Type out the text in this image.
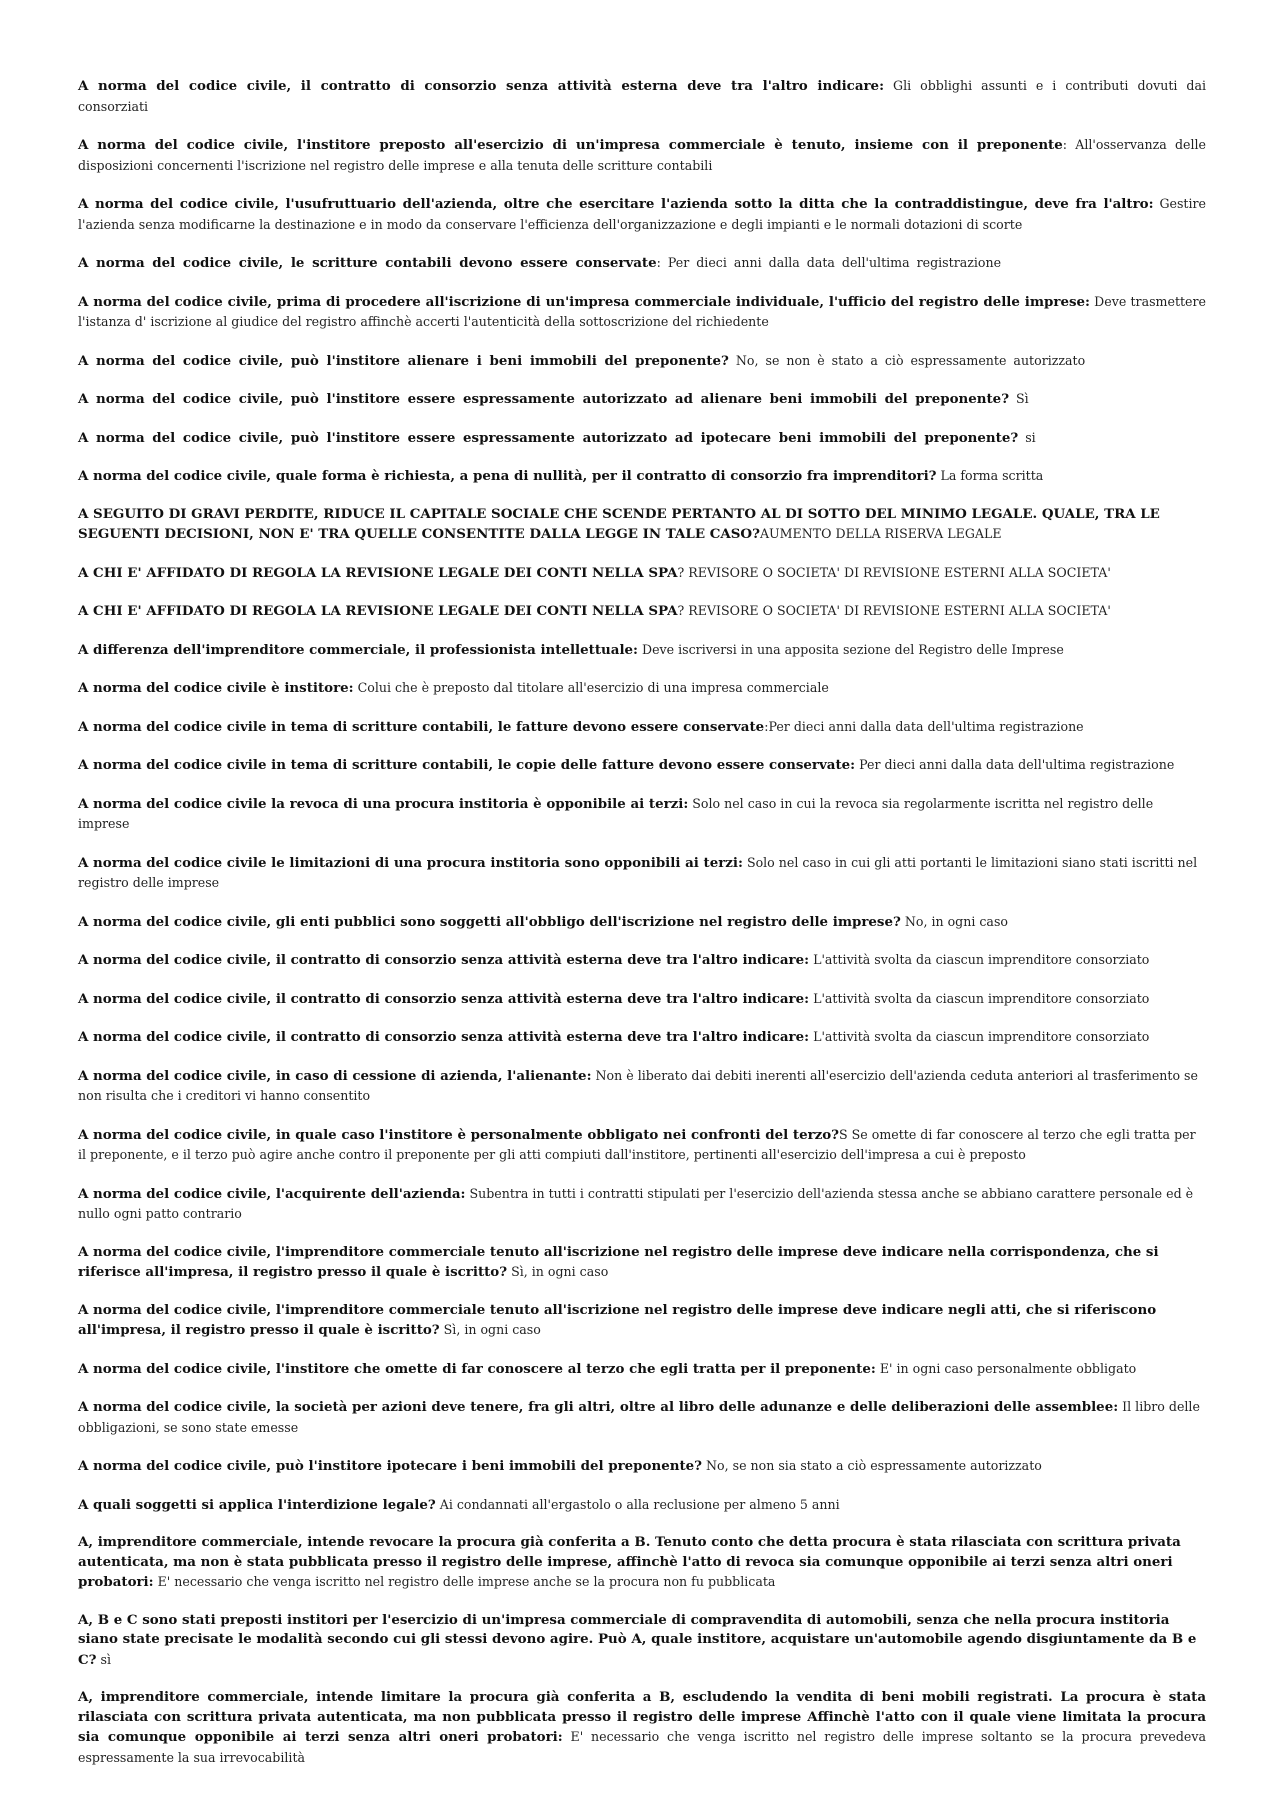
A norma del codice civile, il contratto di consorzio senza attività esterna deve tra l'altro indicare: Gli obblighi assunti e i contributi dovuti dai consorziati

A norma del codice civile, l'institore preposto all'esercizio di un'impresa commerciale è tenuto, insieme con il preponente: All'osservanza delle disposizioni concernenti l'iscrizione nel registro delle imprese e alla tenuta delle scritture contabili

A norma del codice civile, l'usufruttuario dell'azienda, oltre che esercitare l'azienda sotto la ditta che la contraddistingue, deve fra l'altro: Gestire l'azienda senza modificarne la destinazione e in modo da conservare l'efficienza dell'organizzazione e degli impianti e le normali dotazioni di scorte

A norma del codice civile, le scritture contabili devono essere conservate: Per dieci anni dalla data dell'ultima registrazione

A norma del codice civile, prima di procedere all'iscrizione di un'impresa commerciale individuale, l'ufficio del registro delle imprese: Deve trasmettere l'istanza d' iscrizione al giudice del registro affinchè accerti l'autenticità della sottoscrizione del richiedente

A norma del codice civile, può l'institore alienare i beni immobili del preponente? No, se non è stato a ciò espressamente autorizzato

A norma del codice civile, può l'institore essere espressamente autorizzato ad alienare beni immobili del preponente? Sì

A norma del codice civile, può l'institore essere espressamente autorizzato ad ipotecare beni immobili del preponente? si

A norma del codice civile, quale forma è richiesta, a pena di nullità, per il contratto di consorzio fra imprenditori? La forma scritta

A SEGUITO DI GRAVI PERDITE, RIDUCE IL CAPITALE SOCIALE CHE SCENDE PERTANTO AL DI SOTTO DEL MINIMO LEGALE. QUALE, TRA LE SEGUENTI DECISIONI, NON E' TRA QUELLE CONSENTITE DALLA LEGGE IN TALE CASO?AUMENTO DELLA RISERVA LEGALE

A CHI E' AFFIDATO DI REGOLA LA REVISIONE LEGALE DEI CONTI NELLA SPA? REVISORE O SOCIETA' DI REVISIONE ESTERNI ALLA SOCIETA'

A CHI E' AFFIDATO DI REGOLA LA REVISIONE LEGALE DEI CONTI NELLA SPA? REVISORE O SOCIETA' DI REVISIONE ESTERNI ALLA SOCIETA'

A differenza dell'imprenditore commerciale, il professionista intellettuale: Deve iscriversi in una apposita sezione del Registro delle Imprese

A norma del codice civile è institore: Colui che è preposto dal titolare all'esercizio di una impresa commerciale

A norma del codice civile in tema di scritture contabili, le fatture devono essere conservate:Per dieci anni dalla data dell'ultima registrazione

A norma del codice civile in tema di scritture contabili, le copie delle fatture devono essere conservate: Per dieci anni dalla data dell'ultima registrazione

A norma del codice civile la revoca di una procura institoria è opponibile ai terzi: Solo nel caso in cui la revoca sia regolarmente iscritta nel registro delle imprese

A norma del codice civile le limitazioni di una procura institoria sono opponibili ai terzi: Solo nel caso in cui gli atti portanti le limitazioni siano stati iscritti nel registro delle imprese

A norma del codice civile, gli enti pubblici sono soggetti all'obbligo dell'iscrizione nel registro delle imprese? No, in ogni caso

A norma del codice civile, il contratto di consorzio senza attività esterna deve tra l'altro indicare: L'attività svolta da ciascun imprenditore consorziato

A norma del codice civile, il contratto di consorzio senza attività esterna deve tra l'altro indicare: L'attività svolta da ciascun imprenditore consorziato

A norma del codice civile, il contratto di consorzio senza attività esterna deve tra l'altro indicare: L'attività svolta da ciascun imprenditore consorziato

A norma del codice civile, in caso di cessione di azienda, l'alienante: Non è liberato dai debiti inerenti all'esercizio dell'azienda ceduta anteriori al trasferimento se non risulta che i creditori vi hanno consentito

A norma del codice civile, in quale caso l'institore è personalmente obbligato nei confronti del terzo?S Se omette di far conoscere al terzo che egli tratta per il preponente, e il terzo può agire anche contro il preponente per gli atti compiuti dall'institore, pertinenti all'esercizio dell'impresa a cui è preposto

A norma del codice civile, l'acquirente dell'azienda: Subentra in tutti i contratti stipulati per l'esercizio dell'azienda stessa anche se abbiano carattere personale ed è nullo ogni patto contrario

A norma del codice civile, l'imprenditore commerciale tenuto all'iscrizione nel registro delle imprese deve indicare nella corrispondenza, che si riferisce all'impresa, il registro presso il quale è iscritto? Sì, in ogni caso

A norma del codice civile, l'imprenditore commerciale tenuto all'iscrizione nel registro delle imprese deve indicare negli atti, che si riferiscono all'impresa, il registro presso il quale è iscritto? Sì, in ogni caso

A norma del codice civile, l'institore che omette di far conoscere al terzo che egli tratta per il preponente: E' in ogni caso personalmente obbligato

A norma del codice civile, la società per azioni deve tenere, fra gli altri, oltre al libro delle adunanze e delle deliberazioni delle assemblee: Il libro delle obbligazioni, se sono state emesse

A norma del codice civile, può l'institore ipotecare i beni immobili del preponente? No, se non sia stato a ciò espressamente autorizzato

A quali soggetti si applica l'interdizione legale? Ai condannati all'ergastolo o alla reclusione per almeno 5 anni

A, imprenditore commerciale, intende revocare la procura già conferita a B. Tenuto conto che detta procura è stata rilasciata con scrittura privata autenticata, ma non è stata pubblicata presso il registro delle imprese, affinchè l'atto di revoca sia comunque opponibile ai terzi senza altri oneri probatori: E' necessario che venga iscritto nel registro delle imprese anche se la procura non fu pubblicata

A, B e C sono stati preposti institori per l'esercizio di un'impresa commerciale di compravendita di automobili, senza che nella procura institoria siano state precisate le modalità secondo cui gli stessi devono agire. Può A, quale institore, acquistare un'automobile agendo disgiuntamente da B e C? sì

A, imprenditore commerciale, intende limitare la procura già conferita a B, escludendo la vendita di beni mobili registrati. La procura è stata rilasciata con scrittura privata autenticata, ma non pubblicata presso il registro delle imprese Affinchè l'atto con il quale viene limitata la procura sia comunque opponibile ai terzi senza altri oneri probatori: E' necessario che venga iscritto nel registro delle imprese soltanto se la procura prevedeva espressamente la sua irrevocabilità
